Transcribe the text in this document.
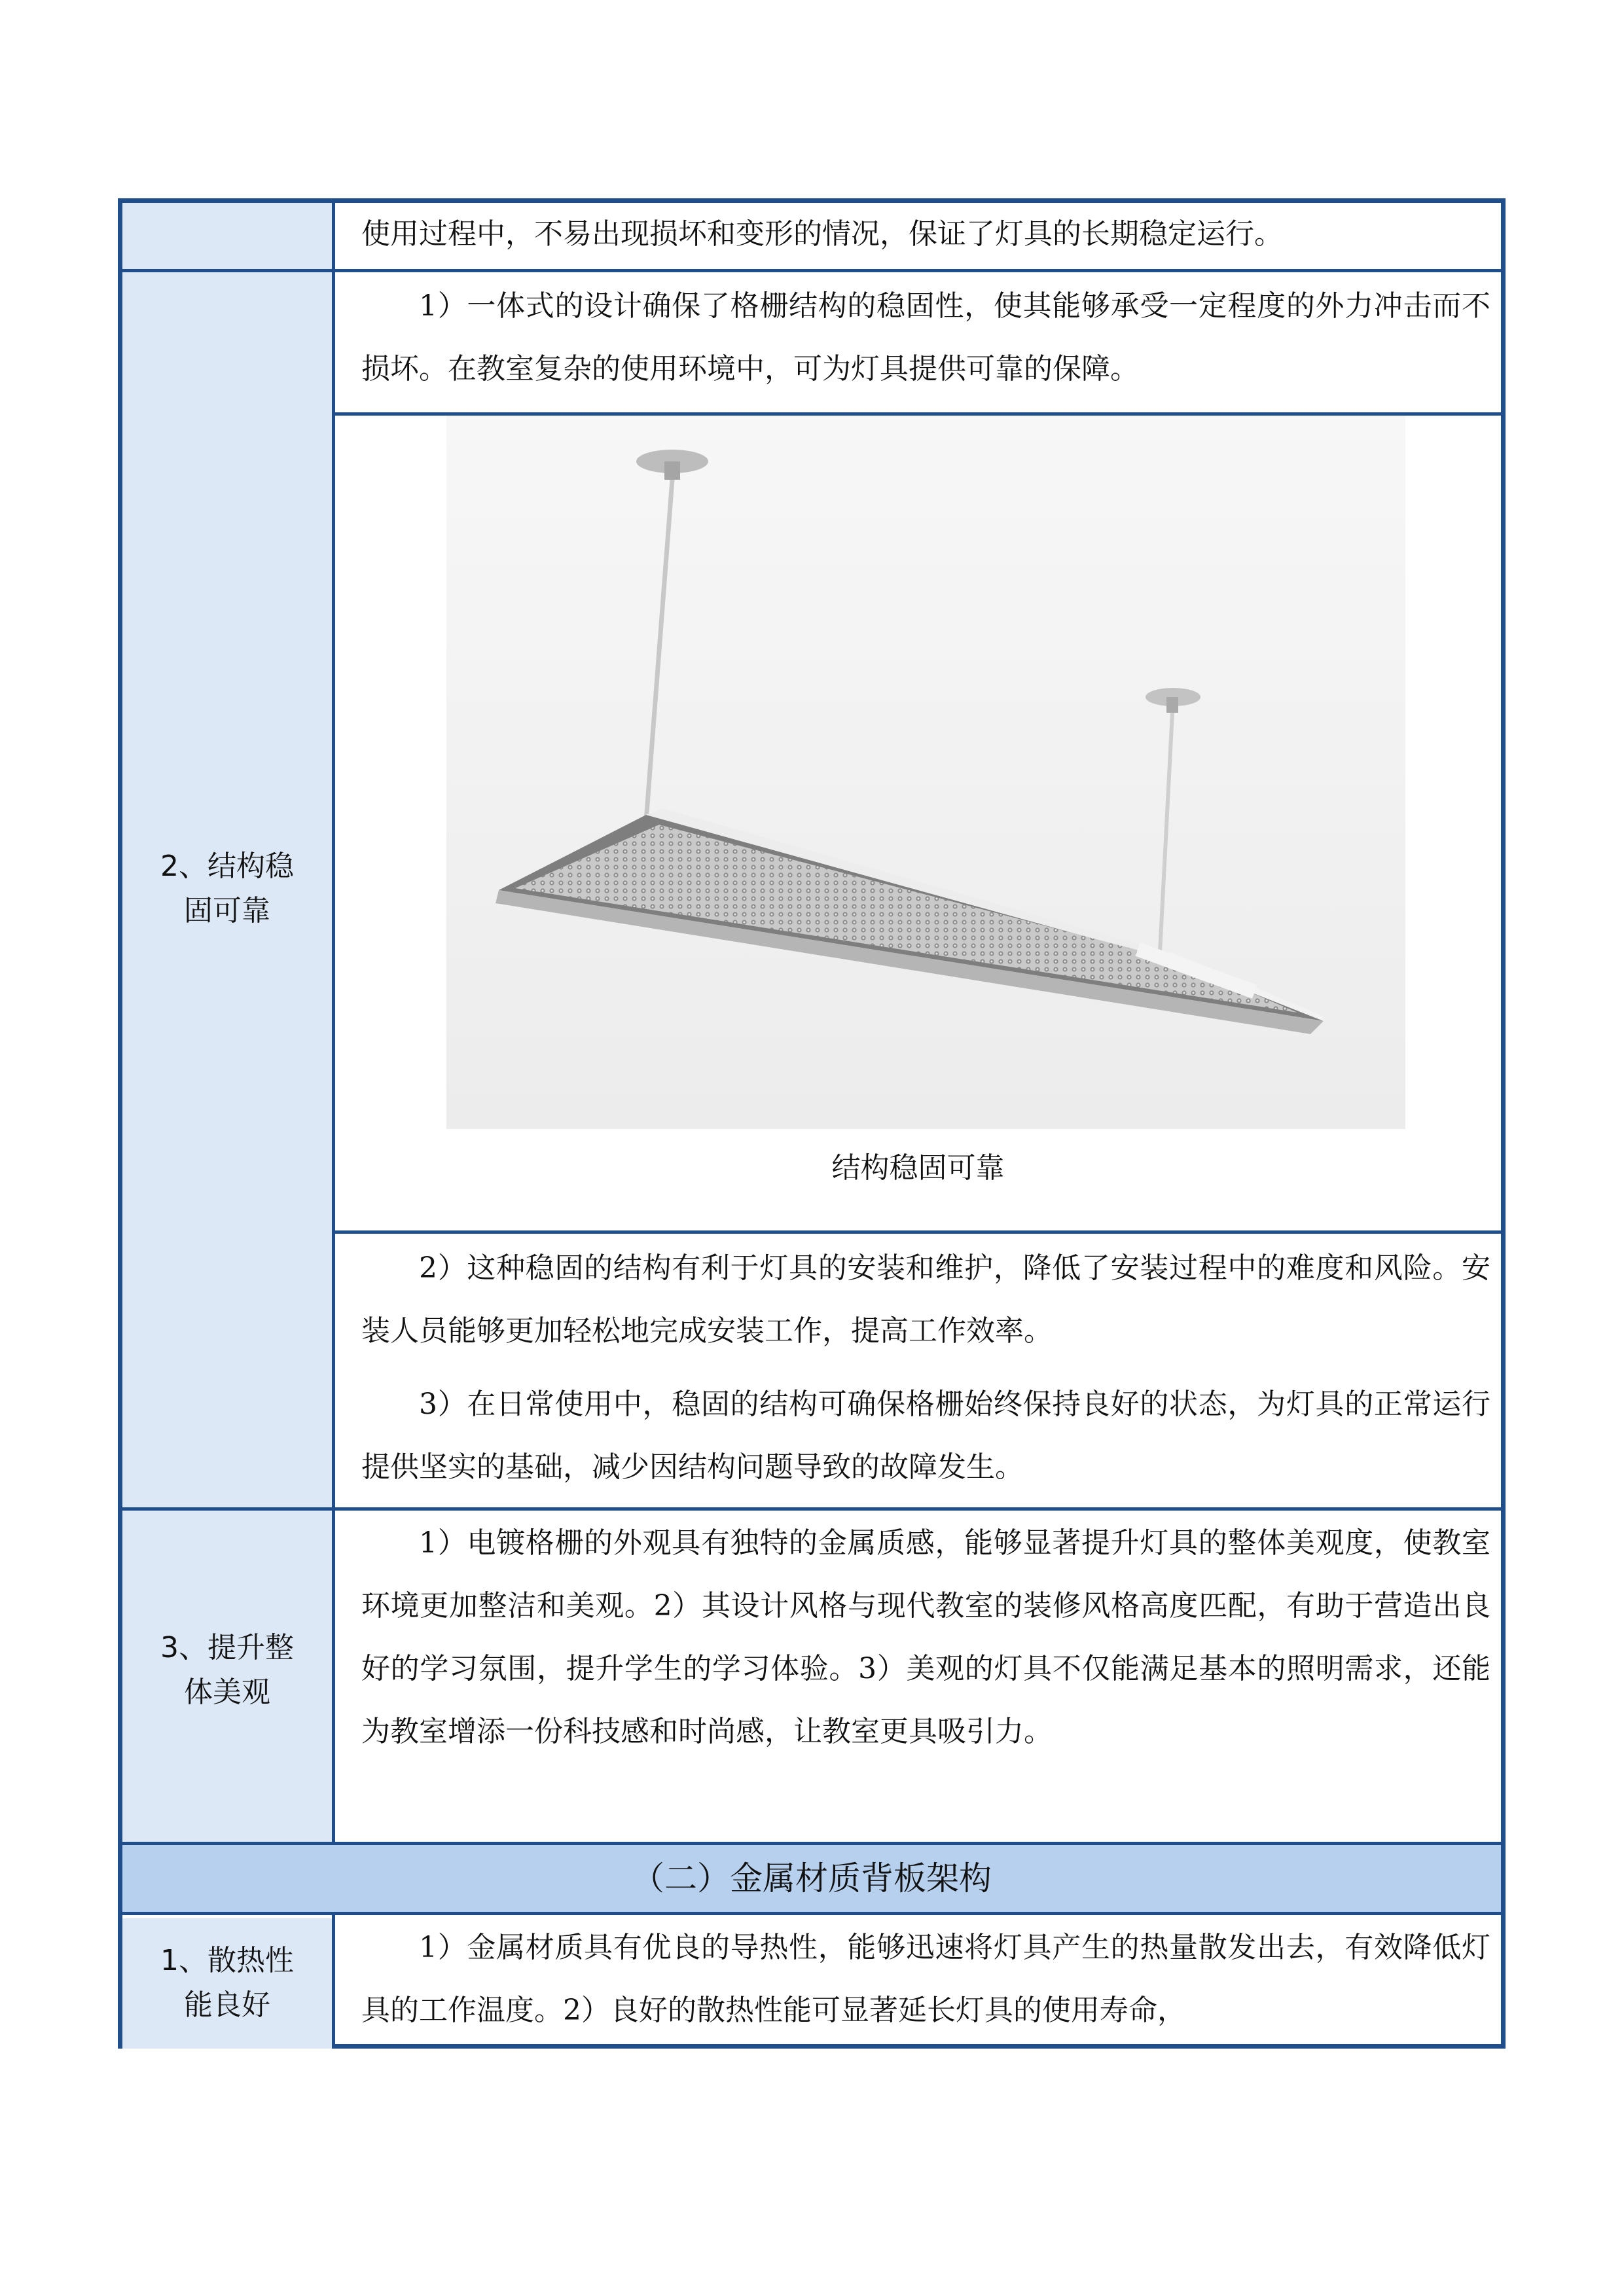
使用过程中，不易出现损坏和变形的情况，保证了灯具的长期稳定运行。
2、结构稳
固可靠
1）一体式的设计确保了格栅结构的稳固性，使其能够承受一定程度的外力冲击而不损坏。在教室复杂的使用环境中，可为灯具提供可靠的保障。
结构稳固可靠
2）这种稳固的结构有利于灯具的安装和维护，降低了安装过程中的难度和风险。安装人员能够更加轻松地完成安装工作，提高工作效率。
3）在日常使用中，稳固的结构可确保格栅始终保持良好的状态，为灯具的正常运行提供坚实的基础，减少因结构问题导致的故障发生。
3、提升整
体美观
1）电镀格栅的外观具有独特的金属质感，能够显著提升灯具的整体美观度，使教室环境更加整洁和美观。2）其设计风格与现代教室的装修风格高度匹配，有助于营造出良好的学习氛围，提升学生的学习体验。3）美观的灯具不仅能满足基本的照明需求，还能为教室增添一份科技感和时尚感，让教室更具吸引力。
（二）金属材质背板架构
1、散热性
能良好
1）金属材质具有优良的导热性，能够迅速将灯具产生的热量散发出去，有效降低灯具的工作温度。2）良好的散热性能可显著延长灯具的使用寿命，
